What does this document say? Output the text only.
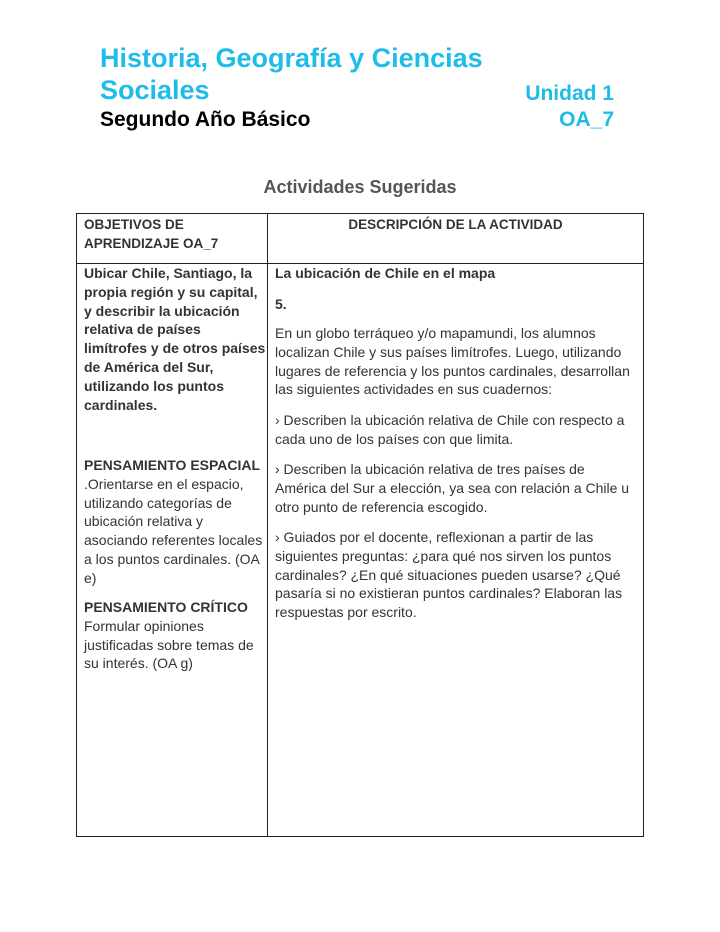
Historia, Geografía y Ciencias
Sociales	Unidad 1
Segundo Año Básico	OA_7
Actividades Sugeridas
OBJETIVOS DE APRENDIZAJE OA_7
DESCRIPCIÓN DE LA ACTIVIDAD
Ubicar Chile, Santiago, la propia región y su capital, y describir la ubicación relativa de países limítrofes y de otros países de América del Sur, utilizando los puntos cardinales.

PENSAMIENTO ESPACIAL

.Orientarse en el espacio, utilizando categorías de ubicación relativa y asociando referentes locales a los puntos cardinales. (OA e)

PENSAMIENTO CRÍTICO

Formular opiniones justificadas sobre temas de su interés. (OA g)

La ubicación de Chile en el mapa
5.
En un globo terráqueo y/o mapamundi, los alumnos localizan Chile y sus países limítrofes. Luego, utilizando lugares de referencia y los puntos cardinales, desarrollan las siguientes actividades en sus cuadernos:
› Describen la ubicación relativa de Chile con respecto a cada uno de los países con que limita.
› Describen la ubicación relativa de tres países de América del Sur a elección, ya sea con relación a Chile u otro punto de referencia escogido.
› Guiados por el docente, reflexionan a partir de las siguientes preguntas: ¿para qué nos sirven los puntos cardinales? ¿En qué situaciones pueden usarse? ¿Qué pasaría si no existieran puntos cardinales? Elaboran las respuestas por escrito.
